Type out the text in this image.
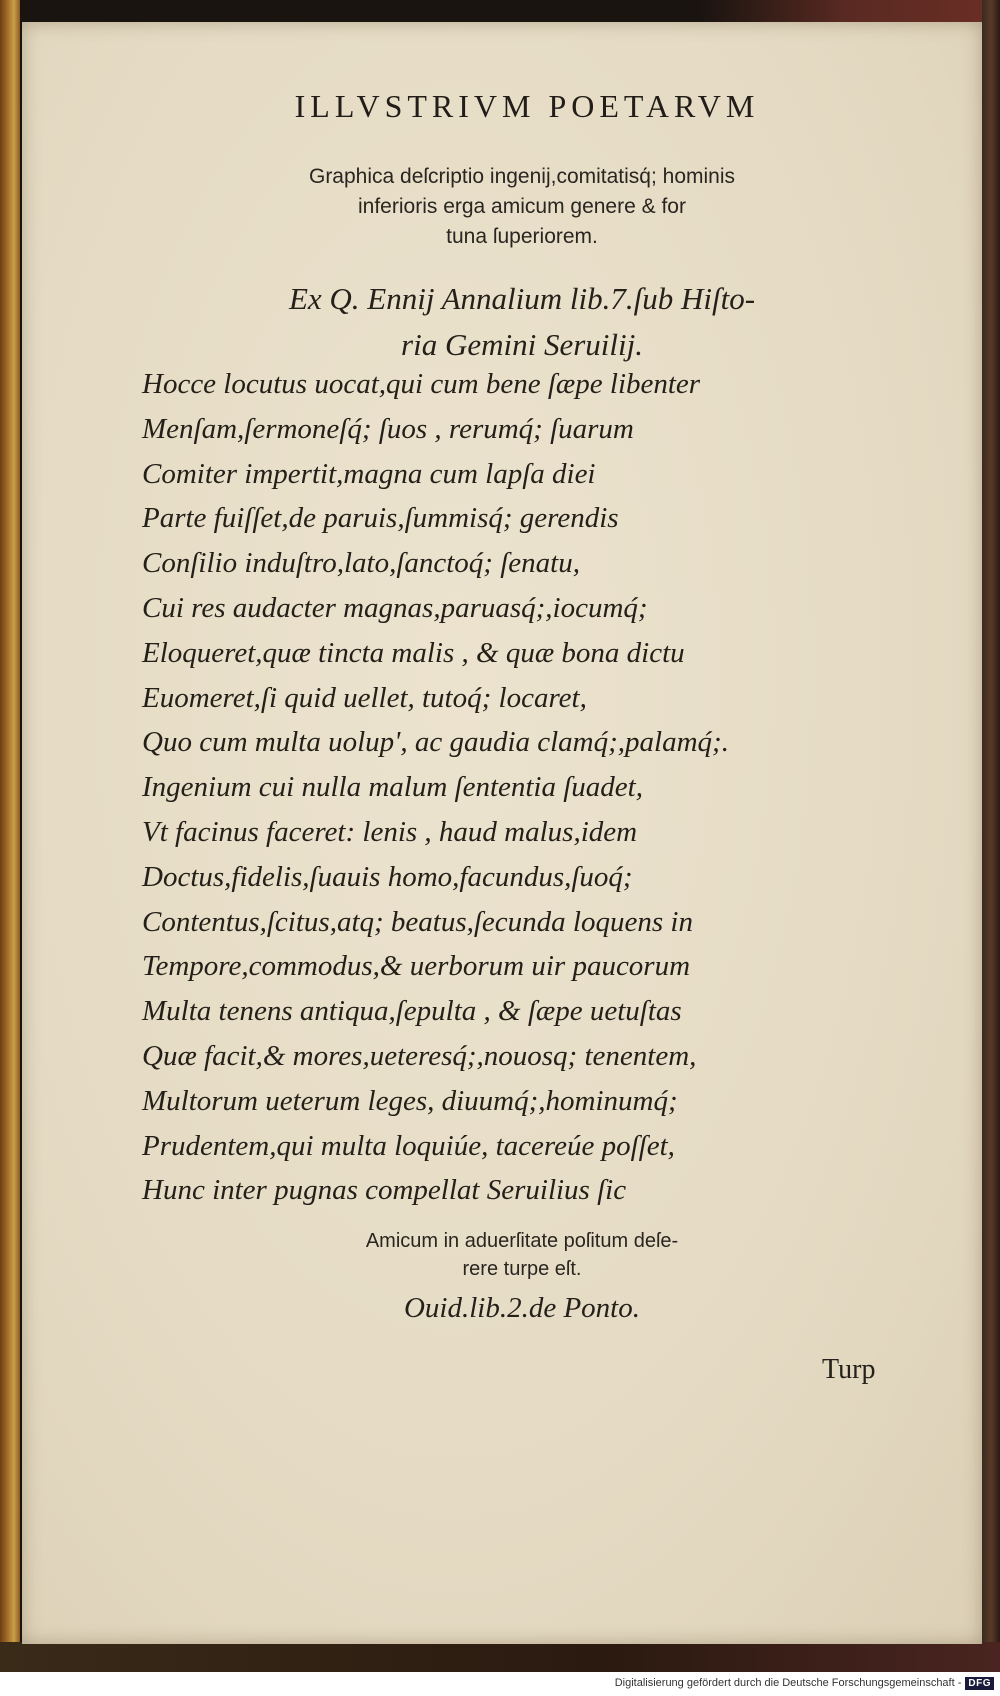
ILLVSTRIVM POETARVM
Graphica deſcriptio ingenij,comitatisq́; hominis
inferioris erga amicum genere & for
tuna ſuperiorem.
Ex Q. Ennij Annalium lib.7.ſub Hiſto-
ria Gemini Seruilij.
Hocce locutus uocat,qui cum bene ſæpe libenter
Menſam,ſermoneſq́; ſuos , rerumq́; ſuarum
Comiter impertit,magna cum lapſa diei
Parte fuiſſet,de paruis,ſummisq́; gerendis
Conſilio induſtro,lato,ſanctoq́; ſenatu,
Cui res audacter magnas,paruasq́;,iocumq́;
Eloqueret,quæ tincta malis , & quæ bona dictu
Euomeret,ſi quid uellet, tutoq́; locaret,
Quo cum multa uolup', ac gaudia clamq́;,palamq́;.
Ingenium cui nulla malum ſententia ſuadet,
Vt facinus faceret: lenis , haud malus,idem
Doctus,fidelis,ſuauis homo,facundus,ſuoq́;
Contentus,ſcitus,atq; beatus,ſecunda loquens in
Tempore,commodus,& uerborum uir paucorum
Multa tenens antiqua,ſepulta , & ſæpe uetuſtas
Quæ facit,& mores,ueteresq́;,nouosq; tenentem,
Multorum ueterum leges, diuumq́;,hominumq́;
Prudentem,qui multa loquiúe, tacereúe poſſet,
Hunc inter pugnas compellat Seruilius ſic
Amicum in aduerſitate poſitum deſe-
rere turpe eſt.
Ouid.lib.2.de Ponto.
Turp
Digitalisierung gefördert durch die Deutsche Forschungsgemeinschaft - DFG
